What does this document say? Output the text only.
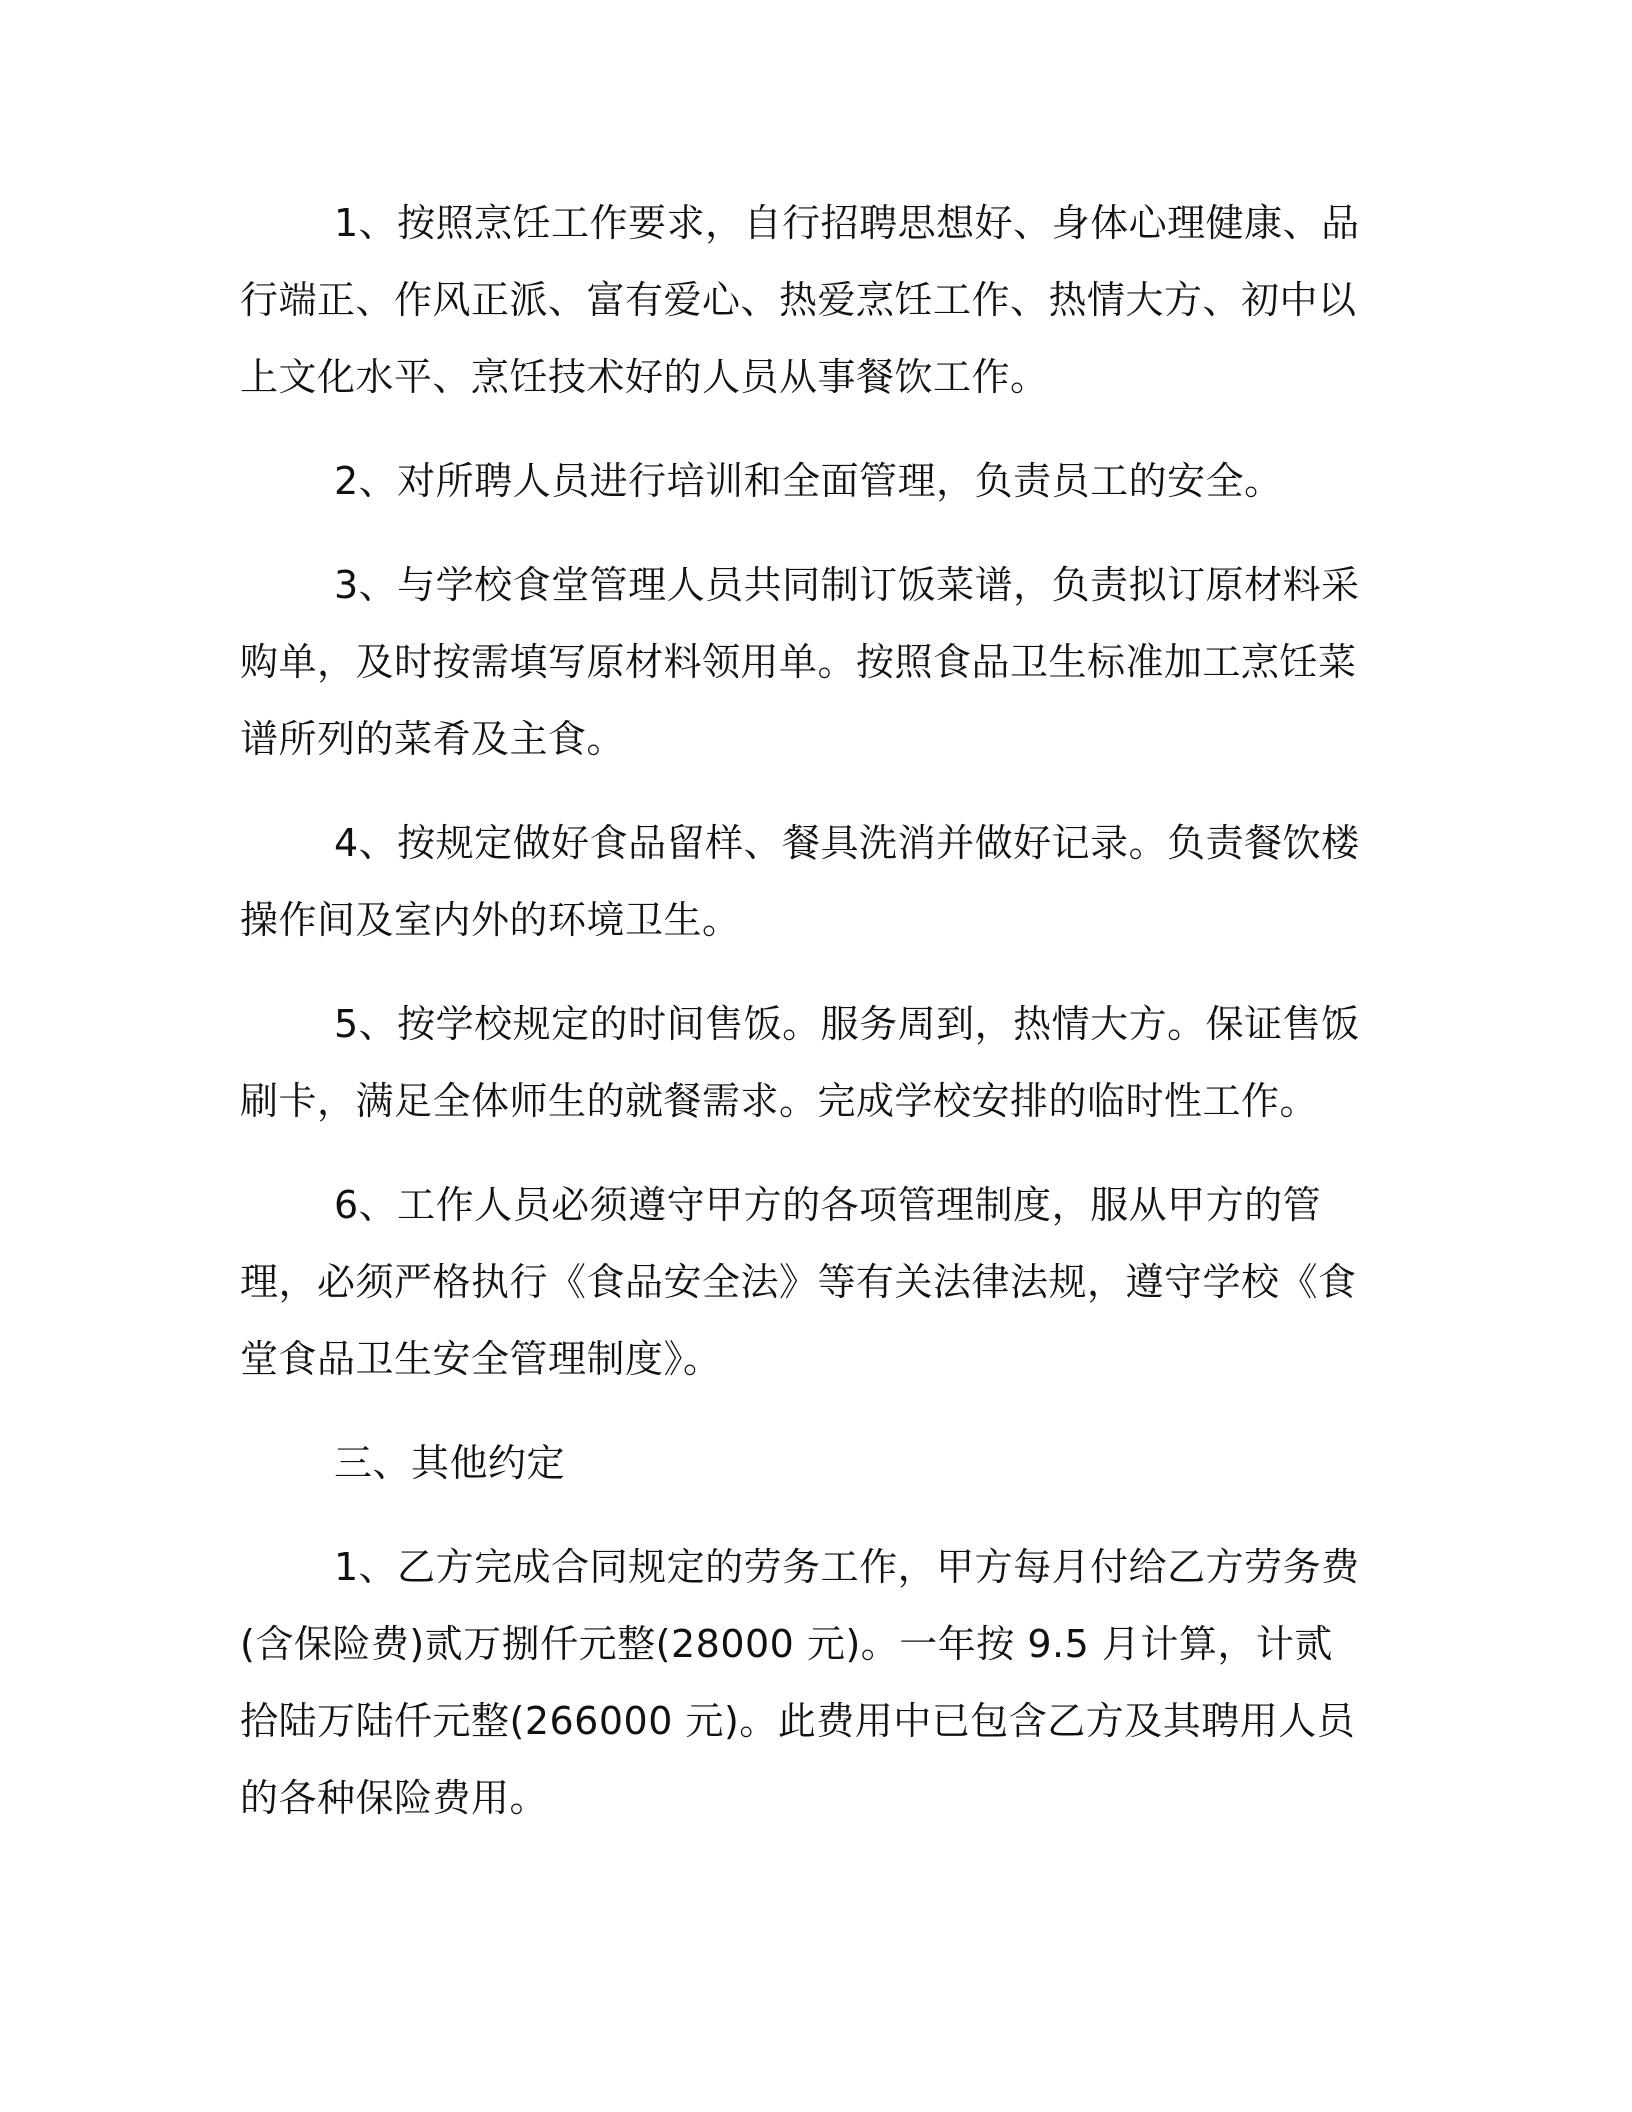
1、按照烹饪工作要求，自行招聘思想好、身体心理健康、品行端正、作风正派、富有爱心、热爱烹饪工作、热情大方、初中以上文化水平、烹饪技术好的人员从事餐饮工作。

2、对所聘人员进行培训和全面管理，负责员工的安全。

3、与学校食堂管理人员共同制订饭菜谱，负责拟订原材料采购单，及时按需填写原材料领用单。按照食品卫生标准加工烹饪菜谱所列的菜肴及主食。

4、按规定做好食品留样、餐具洗消并做好记录。负责餐饮楼操作间及室内外的环境卫生。

5、按学校规定的时间售饭。服务周到，热情大方。保证售饭刷卡，满足全体师生的就餐需求。完成学校安排的临时性工作。

6、工作人员必须遵守甲方的各项管理制度，服从甲方的管理，必须严格执行《食品安全法》等有关法律法规，遵守学校《食堂食品卫生安全管理制度》。

三、其他约定

1、乙方完成合同规定的劳务工作，甲方每月付给乙方劳务费(含保险费)贰万捌仟元整(28000 元)。一年按 9.5 月计算，计贰拾陆万陆仟元整(266000 元)。此费用中已包含乙方及其聘用人员的各种保险费用。
